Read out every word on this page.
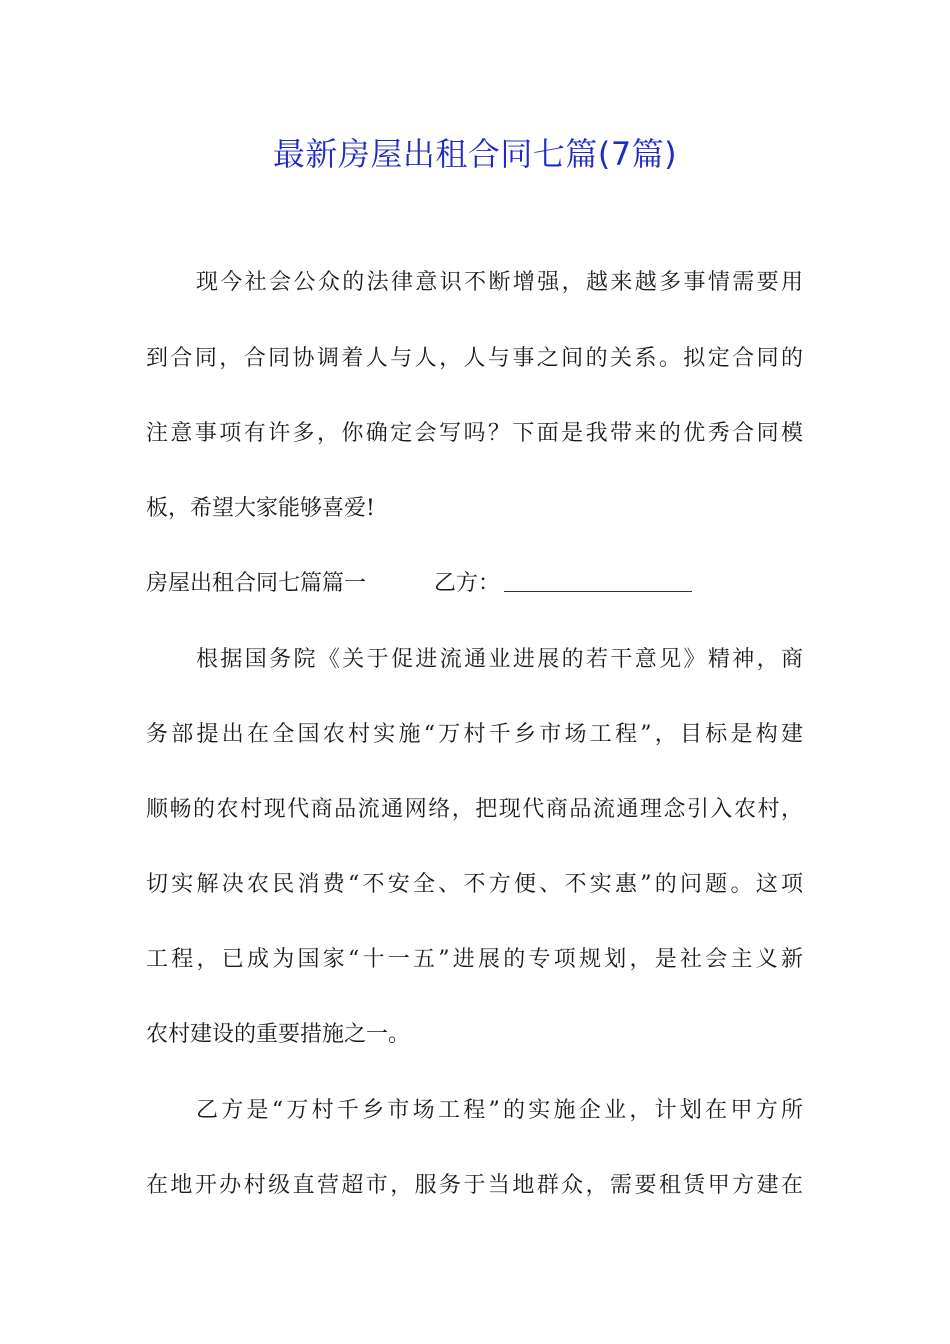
最新房屋出租合同七篇(7篇)
现今社会公众的法律意识不断增强，越来越多事情需要用
到合同，合同协调着人与人，人与事之间的关系。拟定合同的
注意事项有许多，你确定会写吗？下面是我带来的优秀合同模
板，希望大家能够喜爱!
房屋出租合同七篇篇一	乙方：
根据国务院《关于促进流通业进展的若干意见》精神，商
务部提出在全国农村实施“万村千乡市场工程”，目标是构建
顺畅的农村现代商品流通网络，把现代商品流通理念引入农村，
切实解决农民消费“不安全、不方便、不实惠”的问题。这项
工程，已成为国家“十一五”进展的专项规划，是社会主义新
农村建设的重要措施之一。
乙方是“万村千乡市场工程”的实施企业，计划在甲方所
在地开办村级直营超市，服务于当地群众，需要租赁甲方建在
